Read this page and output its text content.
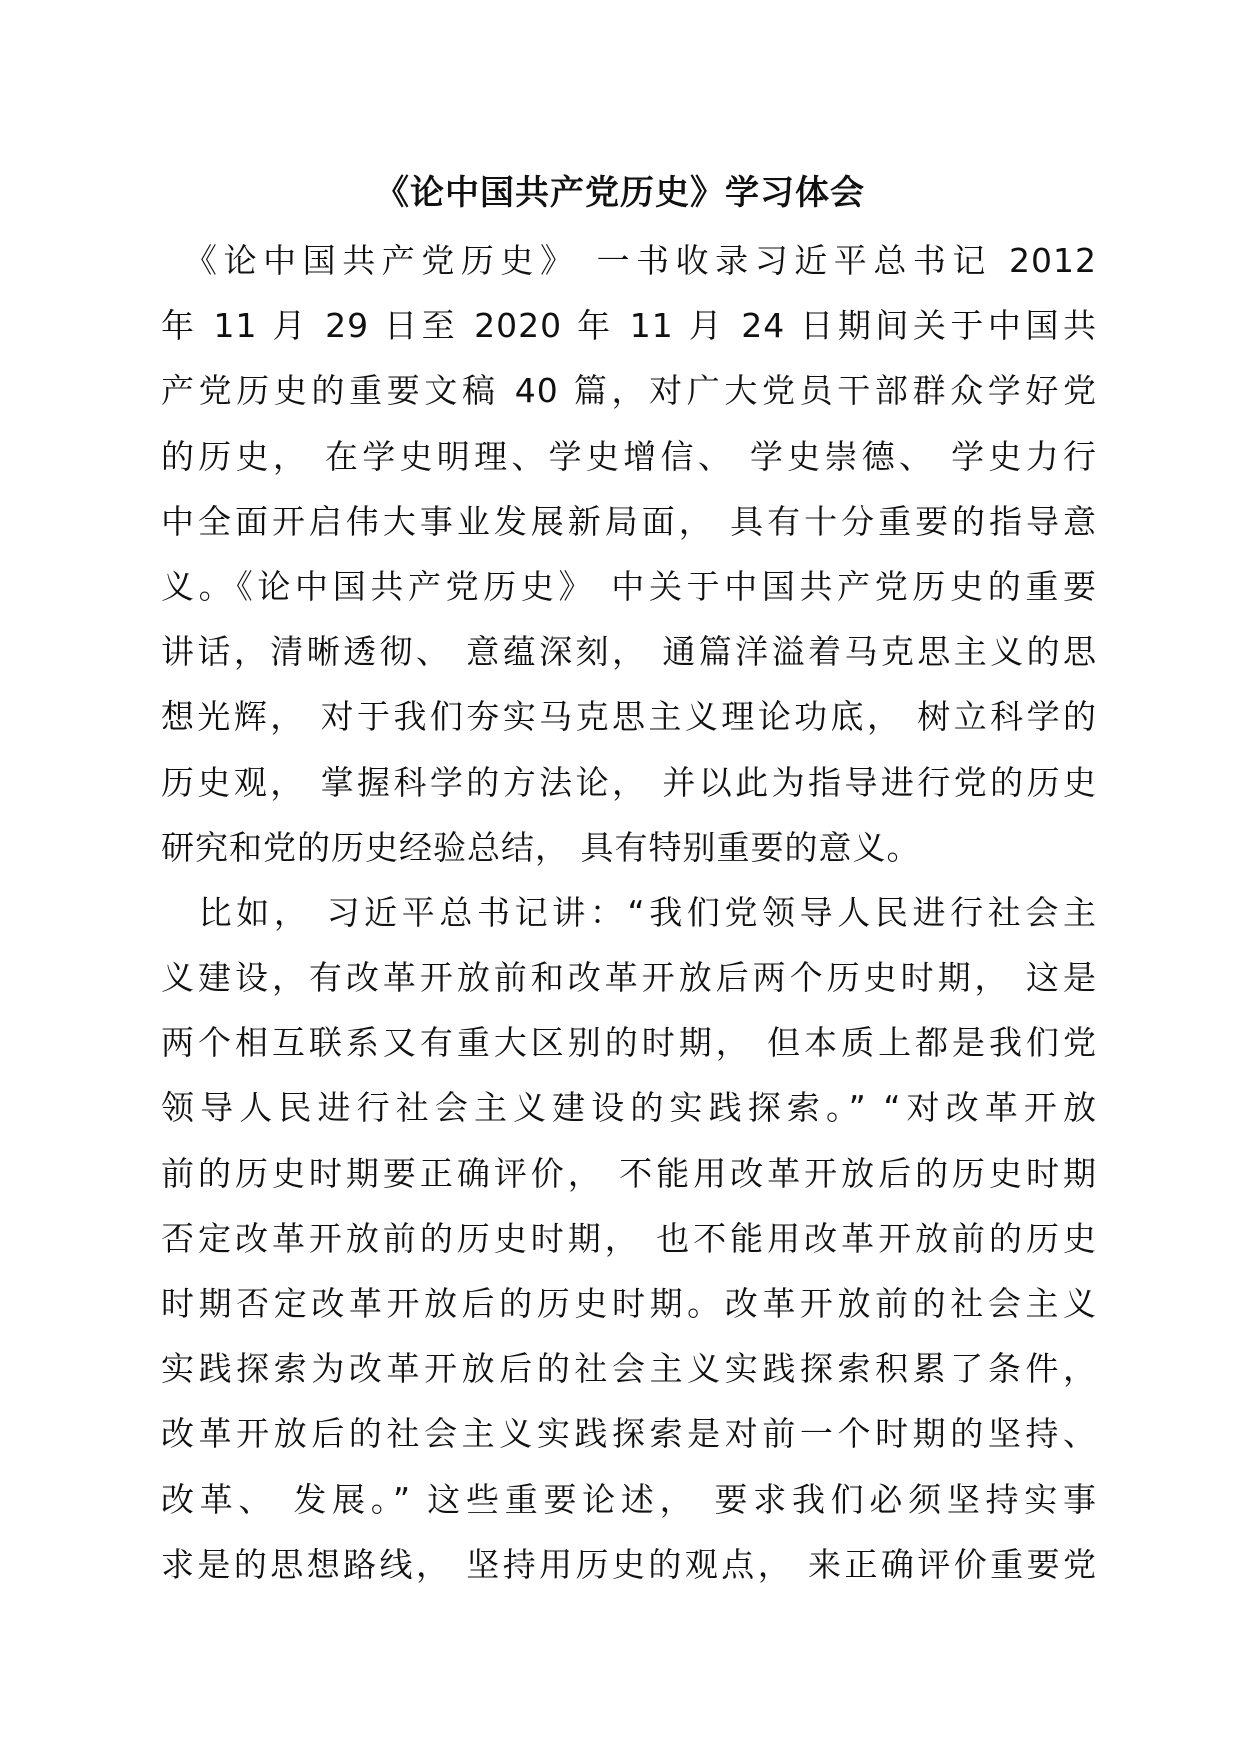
《论中国共产党历史》学习体会
　《论中国共产党历史》 一书收录习近平总书记 2012
年 11 月 29 日至 2020 年 11 月 24 日期间关于中国共
产党历史的重要文稿 40 篇，对广大党员干部群众学好党
的历史， 在学史明理、学史增信、 学史崇德、 学史力行
中全面开启伟大事业发展新局面， 具有十分重要的指导意
义。《论中国共产党历史》 中关于中国共产党历史的重要
讲话，清晰透彻、 意蕴深刻， 通篇洋溢着马克思主义的思
想光辉， 对于我们夯实马克思主义理论功底， 树立科学的
历史观， 掌握科学的方法论， 并以此为指导进行党的历史
研究和党的历史经验总结， 具有特别重要的意义。
　比如， 习近平总书记讲：“我们党领导人民进行社会主
义建设，有改革开放前和改革开放后两个历史时期， 这是
两个相互联系又有重大区别的时期， 但本质上都是我们党
领导人民进行社会主义建设的实践探索。” “对改革开放
前的历史时期要正确评价， 不能用改革开放后的历史时期
否定改革开放前的历史时期， 也不能用改革开放前的历史
时期否定改革开放后的历史时期。改革开放前的社会主义
实践探索为改革开放后的社会主义实践探索积累了条件，
改革开放后的社会主义实践探索是对前一个时期的坚持、
改革、 发展。” 这些重要论述， 要求我们必须坚持实事
求是的思想路线， 坚持用历史的观点， 来正确评价重要党
